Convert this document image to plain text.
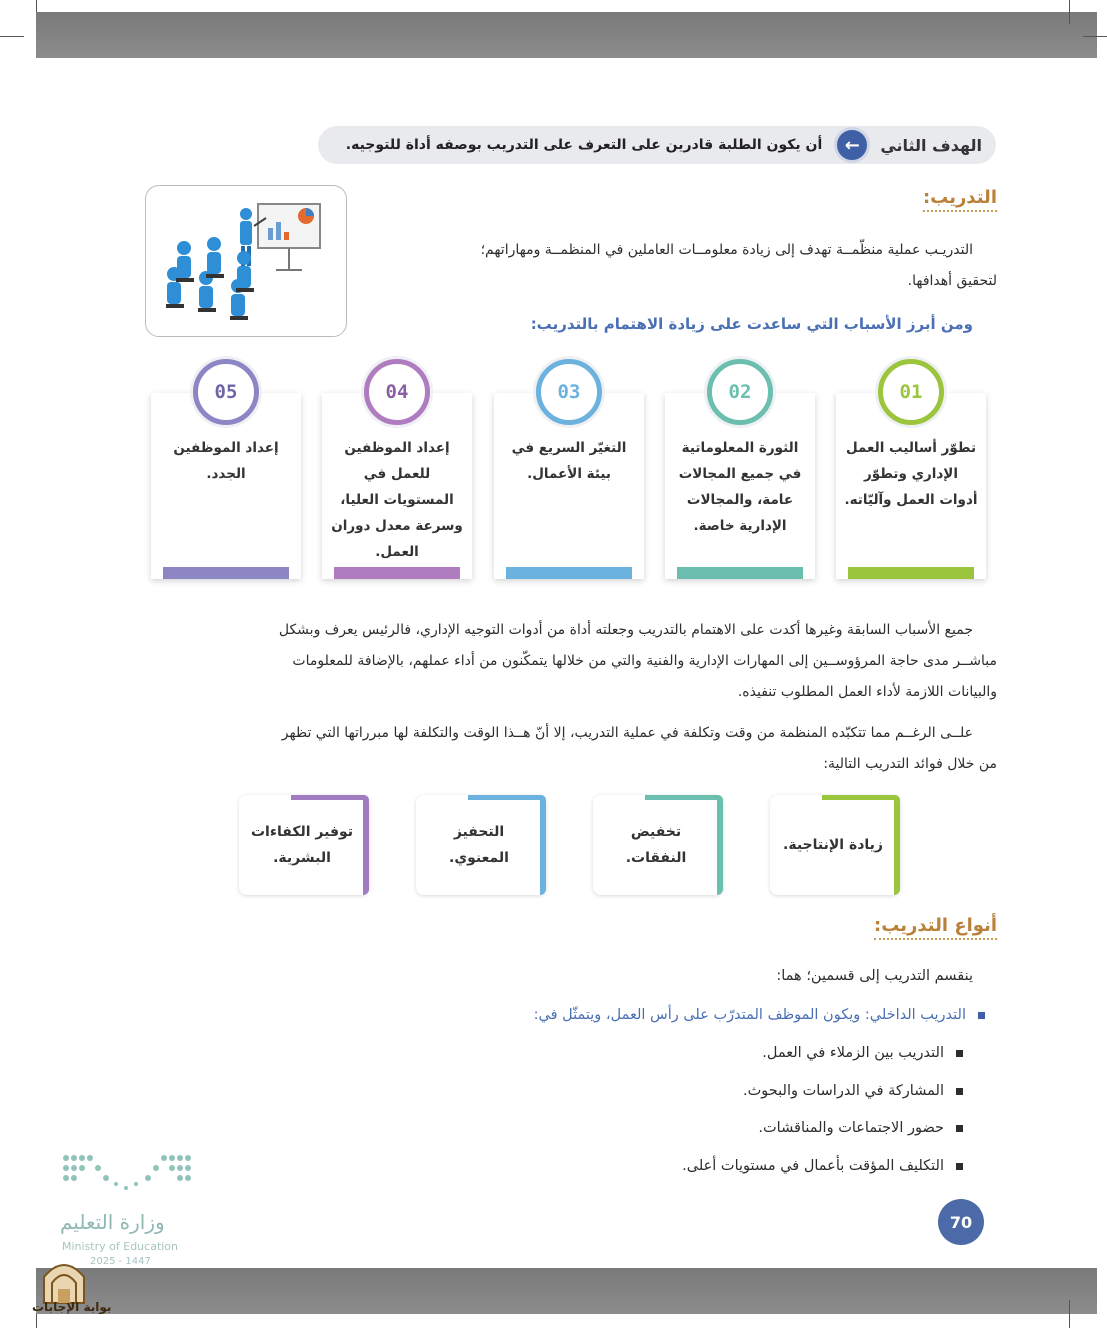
الهدف الثاني
←
أن يكون الطلبة قادرين على التعرف على التدريب بوصفه أداة للتوجيه.
التدريب:
التدريـب عملية منظّمــة تهدف إلى زيادة معلومــات العاملين في المنظمــة ومهاراتهم؛
لتحقيق أهدافها.
ومن أبرز الأسباب التي ساعدت على زيادة الاهتمام بالتدريب:
تطوّر أساليب العمل الإداري وتطوّر أدوات العمل وآليّاته.
01
الثورة المعلوماتية في جميع المجالات عامة، والمجالات الإدارية خاصة.
02
التغيّر السريع في بيئة الأعمال.
03
إعداد الموظفين للعمل في المستويات العليا، وسرعة معدل دوران العمل.
04
إعداد الموظفين الجدد.
05
جميع الأسباب السابقة وغيرها أكدت على الاهتمام بالتدريب وجعلته أداة من أدوات التوجيه الإداري، فالرئيس يعرف وبشكل
مباشــر مدى حاجة المرؤوســين إلى المهارات الإدارية والفنية والتي من خلالها يتمكّنون من أداء عملهم، بالإضافة للمعلومات
والبيانات اللازمة لأداء العمل المطلوب تنفيذه.
علــى الرغــم مما تتكبّده المنظمة من وقت وتكلفة في عملية التدريب، إلا أنّ هــذا الوقت والتكلفة لها مبرراتها التي تظهر
من خلال فوائد التدريب التالية:
زيادة الإنتاجية.
تخفيض النفقات.
التحفيز المعنوي.
توفير الكفاءات البشرية.
أنواع التدريب:
ينقسم التدريب إلى قسمين؛ هما:
التدريب الداخلي: ويكون الموظف المتدرّب على رأس العمل، ويتمثّل في:
التدريب بين الزملاء في العمل.
المشاركة في الدراسات والبحوث.
حضور الاجتماعات والمناقشات.
التكليف المؤقت بأعمال في مستويات أعلى.
وزارة التعليم
Ministry of Education
2025 - 1447
70
بوابة الإجابات
